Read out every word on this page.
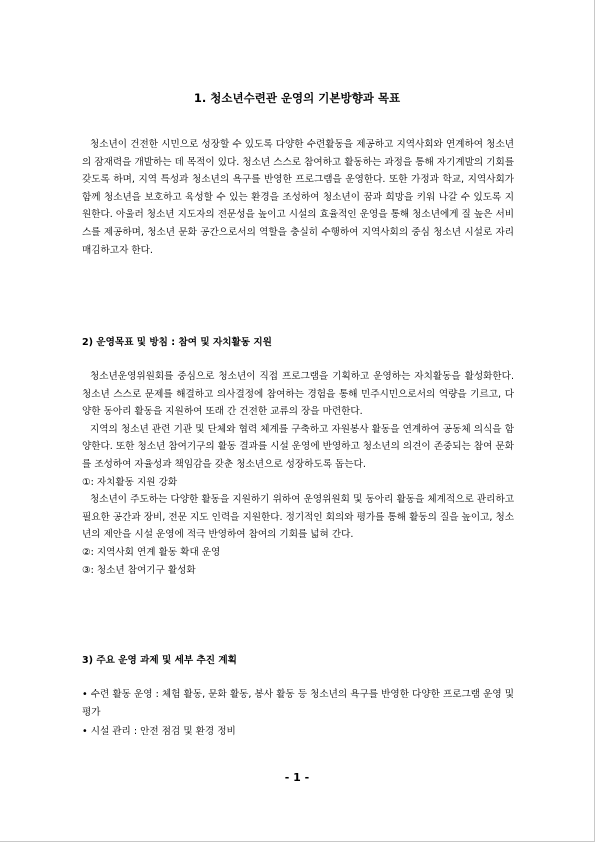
1. 청소년수련관 운영의 기본방향과 목표

청소년이 건전한 시민으로 성장할 수 있도록 다양한 수련활동을 제공하고 지역사회와 연계하여 청소년의 잠재력을 개발하는 데 목적이 있다. 청소년 스스로 참여하고 활동하는 과정을 통해 자기계발의 기회를 갖도록 하며, 지역 특성과 청소년의 욕구를 반영한 프로그램을 운영한다. 또한 가정과 학교, 지역사회가 함께 청소년을 보호하고 육성할 수 있는 환경을 조성하여 청소년이 꿈과 희망을 키워 나갈 수 있도록 지원한다. 아울러 청소년 지도자의 전문성을 높이고 시설의 효율적인 운영을 통해 청소년에게 질 높은 서비스를 제공하며, 청소년 문화 공간으로서의 역할을 충실히 수행하여 지역사회의 중심 청소년 시설로 자리매김하고자 한다.

2) 운영목표 및 방침 : 참여 및 자치활동 지원

청소년운영위원회를 중심으로 청소년이 직접 프로그램을 기획하고 운영하는 자치활동을 활성화한다. 청소년 스스로 문제를 해결하고 의사결정에 참여하는 경험을 통해 민주시민으로서의 역량을 기르고, 다양한 동아리 활동을 지원하여 또래 간 건전한 교류의 장을 마련한다.

지역의 청소년 관련 기관 및 단체와 협력 체계를 구축하고 자원봉사 활동을 연계하여 공동체 의식을 함양한다. 또한 청소년 참여기구의 활동 결과를 시설 운영에 반영하고 청소년의 의견이 존중되는 참여 문화를 조성하여 자율성과 책임감을 갖춘 청소년으로 성장하도록 돕는다.

①: 자치활동 지원 강화

청소년이 주도하는 다양한 활동을 지원하기 위하여 운영위원회 및 동아리 활동을 체계적으로 관리하고 필요한 공간과 장비, 전문 지도 인력을 지원한다. 정기적인 회의와 평가를 통해 활동의 질을 높이고, 청소년의 제안을 시설 운영에 적극 반영하여 참여의 기회를 넓혀 간다.

②: 지역사회 연계 활동 확대 운영

③: 청소년 참여기구 활성화

3) 주요 운영 과제 및 세부 추진 계획

• 수련 활동 운영 : 체험 활동, 문화 활동, 봉사 활동 등 청소년의 욕구를 반영한 다양한 프로그램 운영 및 평가

• 시설 관리 : 안전 점검 및 환경 정비

- 1 -
